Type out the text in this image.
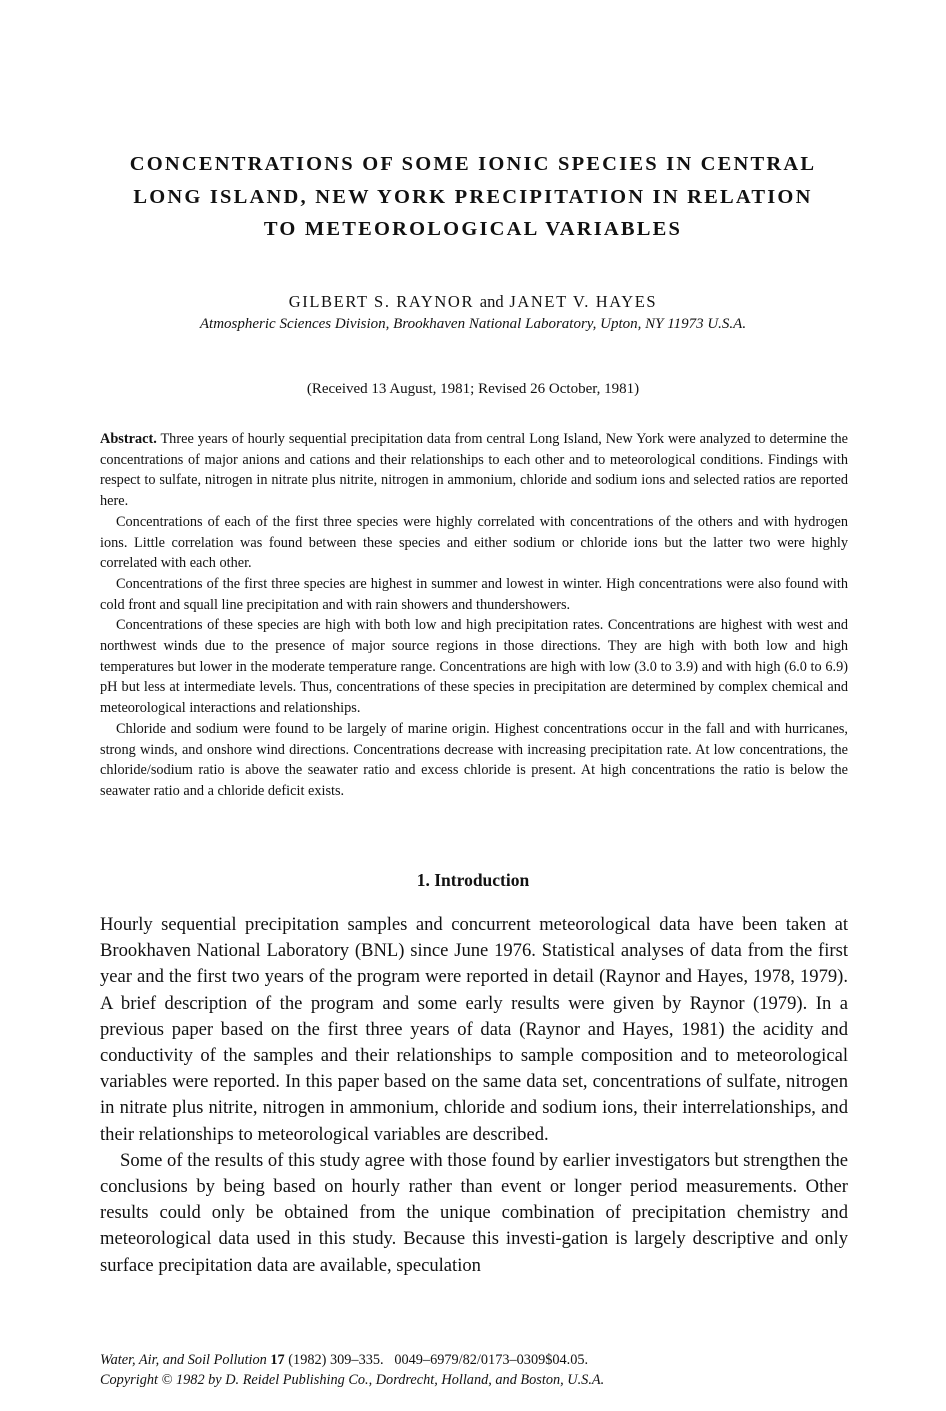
CONCENTRATIONS OF SOME IONIC SPECIES IN CENTRAL
LONG ISLAND, NEW YORK PRECIPITATION IN RELATION
TO METEOROLOGICAL VARIABLES
GILBERT S. RAYNOR and JANET V. HAYES
Atmospheric Sciences Division, Brookhaven National Laboratory, Upton, NY 11973 U.S.A.
(Received 13 August, 1981; Revised 26 October, 1981)

Abstract. Three years of hourly sequential precipitation data from central Long Island, New York were analyzed to determine the concentrations of major anions and cations and their relationships to each other and to meteorological conditions. Findings with respect to sulfate, nitrogen in nitrate plus nitrite, nitrogen in ammonium, chloride and sodium ions and selected ratios are reported here.

Concentrations of each of the first three species were highly correlated with concentrations of the others and with hydrogen ions. Little correlation was found between these species and either sodium or chloride ions but the latter two were highly correlated with each other.

Concentrations of the first three species are highest in summer and lowest in winter. High concentrations were also found with cold front and squall line precipitation and with rain showers and thundershowers.

Concentrations of these species are high with both low and high precipitation rates. Concentrations are highest with west and northwest winds due to the presence of major source regions in those directions. They are high with both low and high temperatures but lower in the moderate temperature range. Concentrations are high with low (3.0 to 3.9) and with high (6.0 to 6.9) pH but less at intermediate levels. Thus, concentrations of these species in precipitation are determined by complex chemical and meteorological interactions and relationships.

Chloride and sodium were found to be largely of marine origin. Highest concentrations occur in the fall and with hurricanes, strong winds, and onshore wind directions. Concentrations decrease with increasing precipitation rate. At low concentrations, the chloride/sodium ratio is above the seawater ratio and excess chloride is present. At high concentrations the ratio is below the seawater ratio and a chloride deficit exists.

1. Introduction

Hourly sequential precipitation samples and concurrent meteorological data have been taken at Brookhaven National Laboratory (BNL) since June 1976. Statistical analyses of data from the first year and the first two years of the program were reported in detail (Raynor and Hayes, 1978, 1979). A brief description of the program and some early results were given by Raynor (1979). In a previous paper based on the first three years of data (Raynor and Hayes, 1981) the acidity and conductivity of the samples and their relationships to sample composition and to meteorological variables were reported. In this paper based on the same data set, concentrations of sulfate, nitrogen in nitrate plus nitrite, nitrogen in ammonium, chloride and sodium ions, their interrelationships, and their relationships to meteorological variables are described.

Some of the results of this study agree with those found by earlier investigators but strengthen the conclusions by being based on hourly rather than event or longer period measurements. Other results could only be obtained from the unique combination of precipitation chemistry and meteorological data used in this study. Because this investi-gation is largely descriptive and only surface precipitation data are available, speculation

Water, Air, and Soil Pollution 17 (1982) 309–335. 0049–6979/82/0173–0309$04.05.
Copyright © 1982 by D. Reidel Publishing Co., Dordrecht, Holland, and Boston, U.S.A.
